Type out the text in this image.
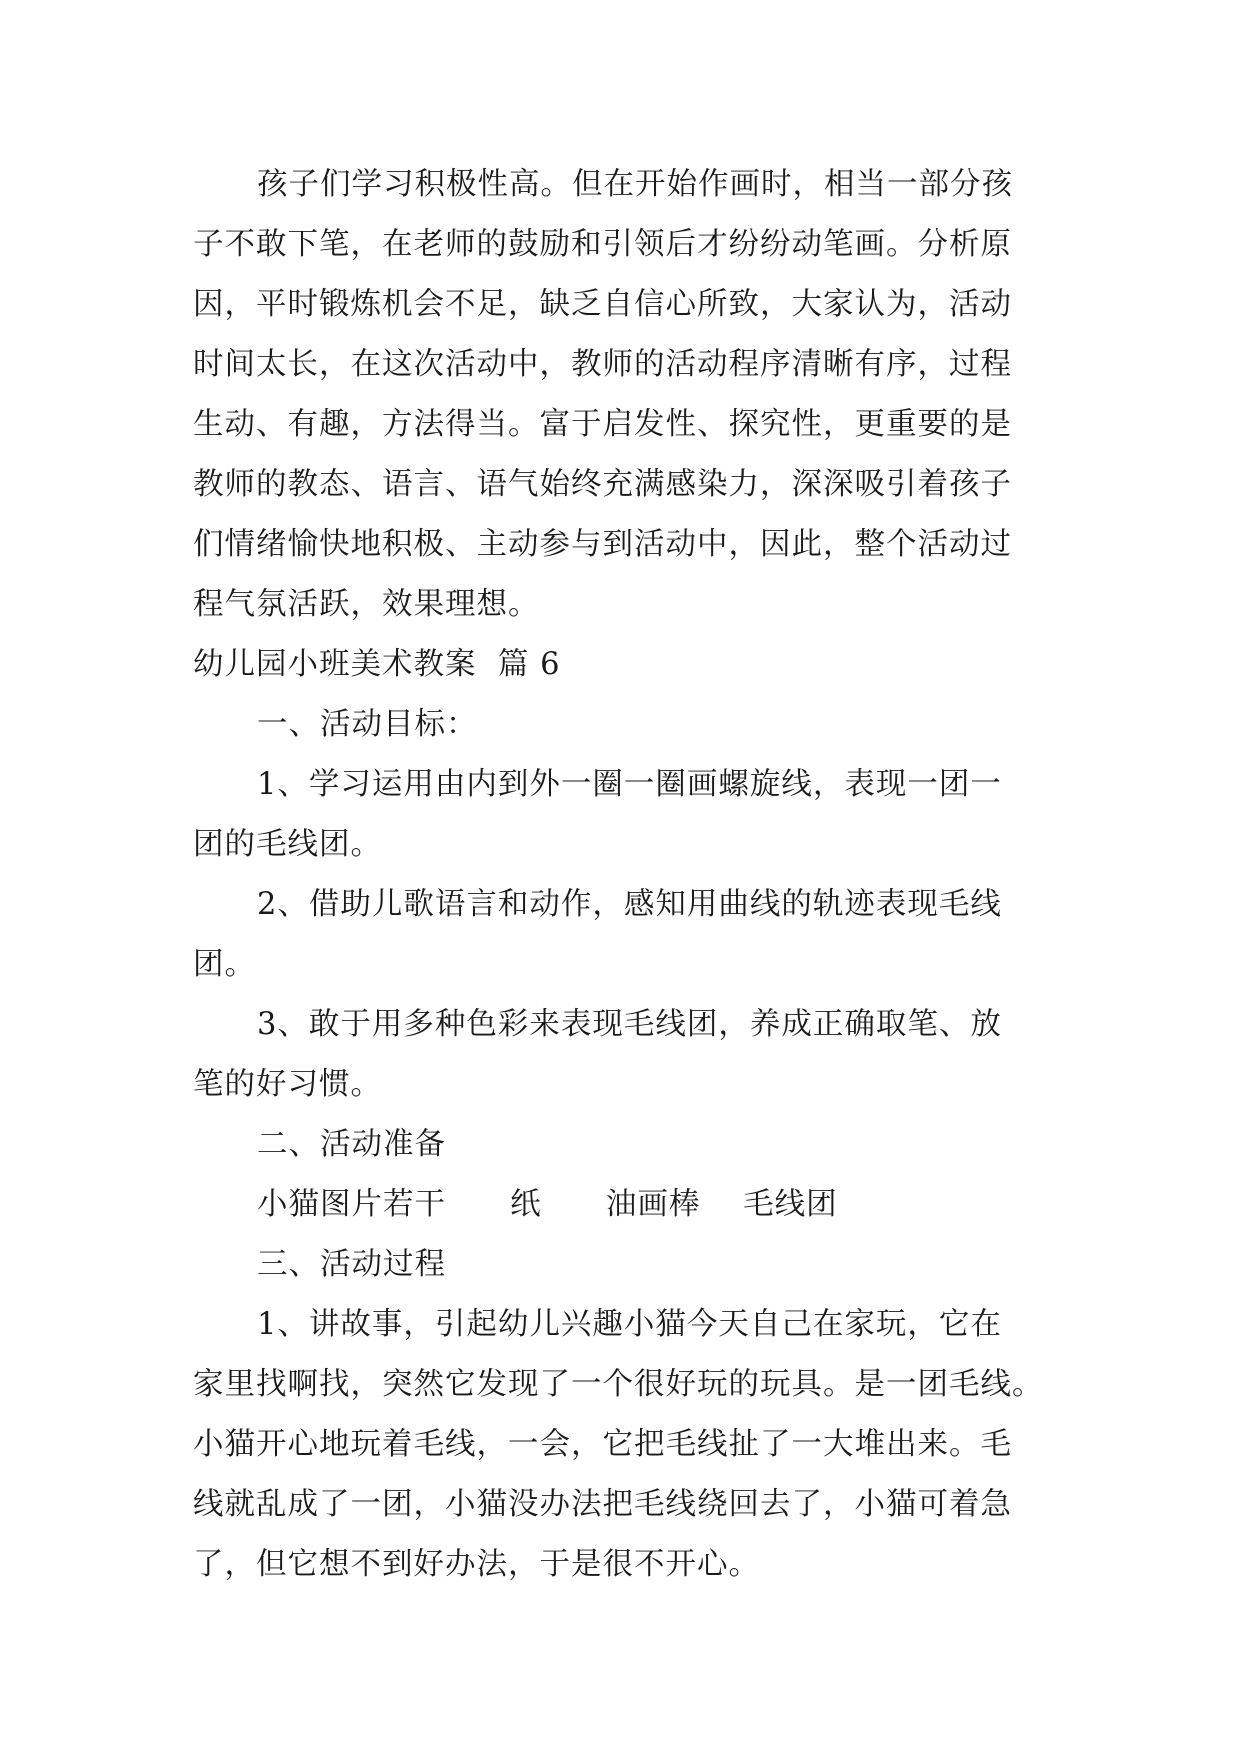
孩子们学习积极性高。但在开始作画时，相当一部分孩
子不敢下笔，在老师的鼓励和引领后才纷纷动笔画。分析原
因，平时锻炼机会不足，缺乏自信心所致，大家认为，活动
时间太长，在这次活动中，教师的活动程序清晰有序，过程
生动、有趣，方法得当。富于启发性、探究性，更重要的是
教师的教态、语言、语气始终充满感染力，深深吸引着孩子
们情绪愉快地积极、主动参与到活动中，因此，整个活动过
程气氛活跃，效果理想。
幼儿园小班美术教案  篇 6
一、活动目标：
1、学习运用由内到外一圈一圈画螺旋线，表现一团一
团的毛线团。
2、借助儿歌语言和动作，感知用曲线的轨迹表现毛线
团。
3、敢于用多种色彩来表现毛线团，养成正确取笔、放
笔的好习惯。
二、活动准备
小猫图片若干      纸      油画棒    毛线团
三、活动过程
1、讲故事，引起幼儿兴趣小猫今天自己在家玩，它在
家里找啊找，突然它发现了一个很好玩的玩具。是一团毛线。
小猫开心地玩着毛线，一会，它把毛线扯了一大堆出来。毛
线就乱成了一团，小猫没办法把毛线绕回去了，小猫可着急
了，但它想不到好办法，于是很不开心。
